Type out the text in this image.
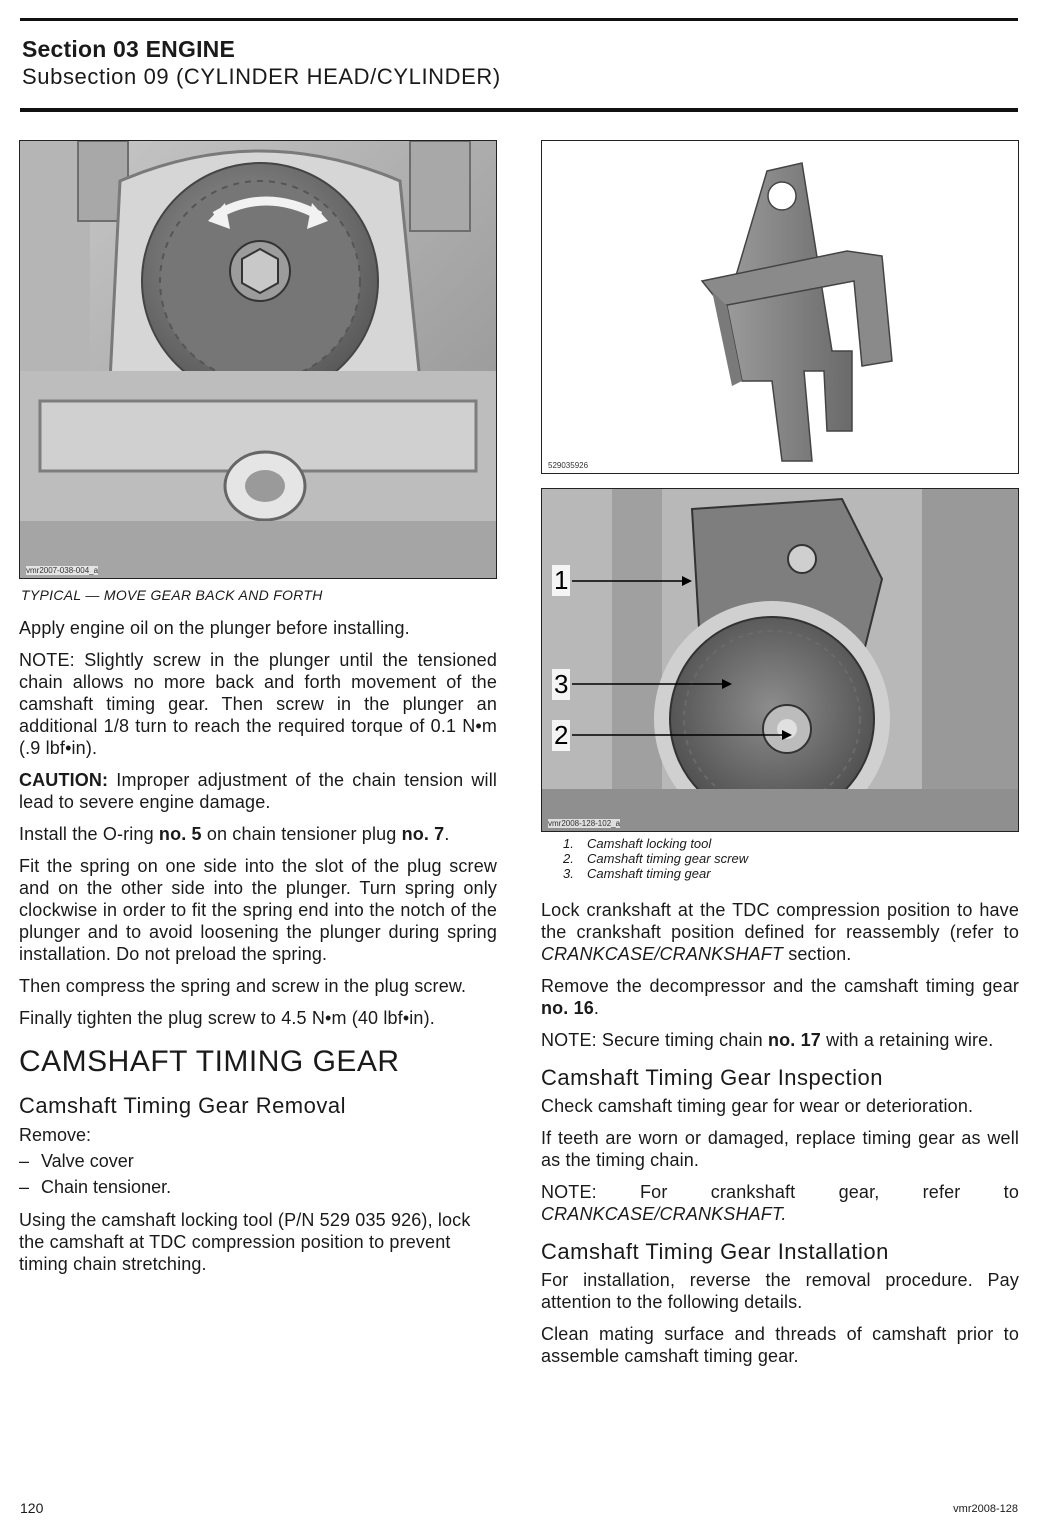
Section 03 ENGINE
Subsection 09 (CYLINDER HEAD/CYLINDER)
vmr2007-038-004_a
TYPICAL — MOVE GEAR BACK AND FORTH

Apply engine oil on the plunger before installing.

NOTE: Slightly screw in the plunger until the tensioned chain allows no more back and forth movement of the camshaft timing gear. Then screw in the plunger an additional 1/8 turn to reach the required torque of 0.1 N•m (.9 lbf•in).

CAUTION: Improper adjustment of the chain tension will lead to severe engine damage.

Install the O-ring no. 5 on chain tensioner plug no. 7.

Fit the spring on one side into the slot of the plug screw and on the other side into the plunger. Turn spring only clockwise in order to fit the spring end into the notch of the plunger and to avoid loosening the plunger during spring installation. Do not preload the spring.

Then compress the spring and screw in the plug screw.

Finally tighten the plug screw to 4.5 N•m (40 lbf•in).

CAMSHAFT TIMING GEAR
Camshaft Timing Gear Removal
Remove:
– Valve cover
– Chain tensioner.

Using the camshaft locking tool (P/N 529 035 926), lock the camshaft at TDC compression position to prevent timing chain stretching.

529035926
1
3
2
vmr2008-128-102_a
1. Camshaft locking tool
2. Camshaft timing gear screw
3. Camshaft timing gear

Lock crankshaft at the TDC compression position to have the crankshaft position defined for reassembly (refer to CRANKCASE/CRANKSHAFT section.

Remove the decompressor and the camshaft timing gear no. 16.

NOTE: Secure timing chain no. 17 with a retaining wire.

Camshaft Timing Gear Inspection

Check camshaft timing gear for wear or deterioration.

If teeth are worn or damaged, replace timing gear as well as the timing chain.

NOTE: For crankshaft gear, refer to CRANKCASE/CRANKSHAFT.

Camshaft Timing Gear Installation

For installation, reverse the removal procedure. Pay attention to the following details.

Clean mating surface and threads of camshaft prior to assemble camshaft timing gear.

120	vmr2008-128
